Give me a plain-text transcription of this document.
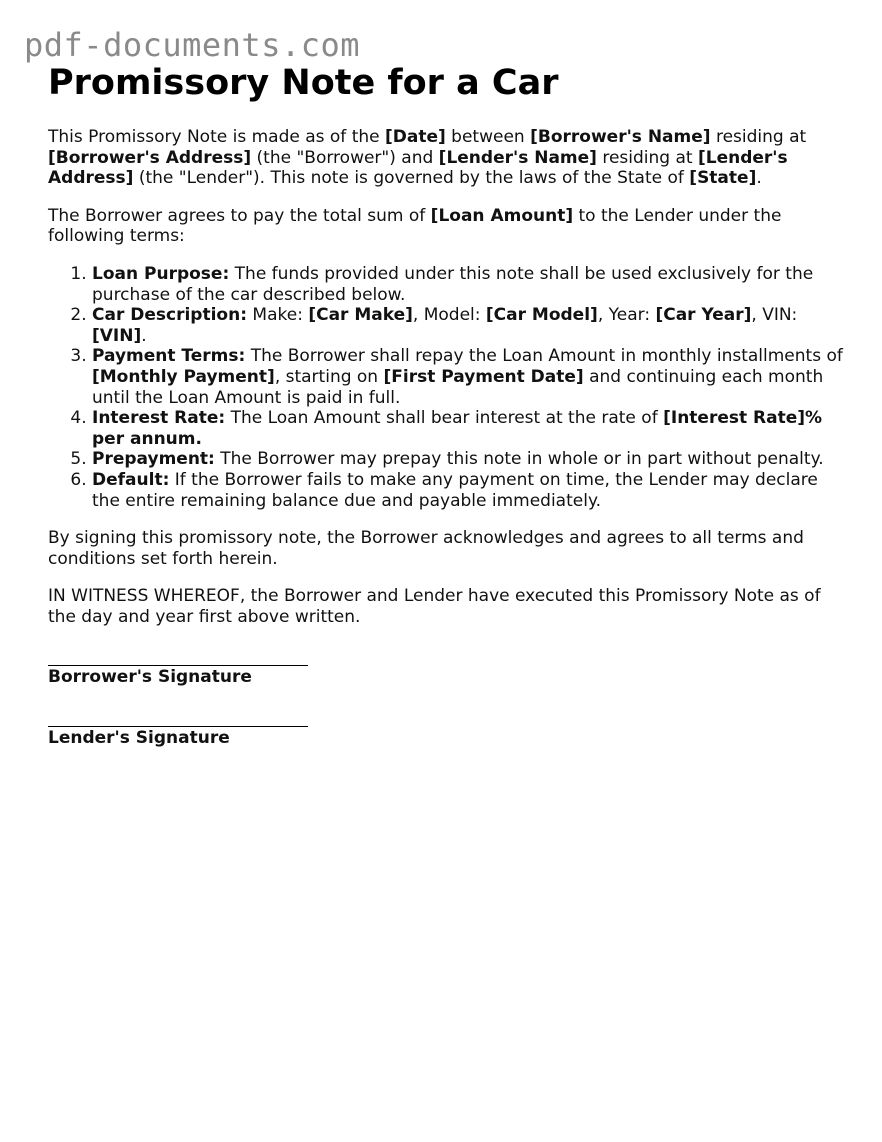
pdf-documents.com
Promissory Note for a Car

This Promissory Note is made as of the [Date] between [Borrower's Name] residing at [Borrower's Address] (the "Borrower") and [Lender's Name] residing at [Lender's Address] (the "Lender"). This note is governed by the laws of the State of [State].

The Borrower agrees to pay the total sum of [Loan Amount] to the Lender under the following terms:

1. Loan Purpose: The funds provided under this note shall be used exclusively for the purchase of the car described below.
2. Car Description: Make: [Car Make], Model: [Car Model], Year: [Car Year], VIN: [VIN].
3. Payment Terms: The Borrower shall repay the Loan Amount in monthly installments of [Monthly Payment], starting on [First Payment Date] and continuing each month until the Loan Amount is paid in full.
4. Interest Rate: The Loan Amount shall bear interest at the rate of [Interest Rate]% per annum.
5. Prepayment: The Borrower may prepay this note in whole or in part without penalty.
6. Default: If the Borrower fails to make any payment on time, the Lender may declare the entire remaining balance due and payable immediately.

By signing this promissory note, the Borrower acknowledges and agrees to all terms and conditions set forth herein.

IN WITNESS WHEREOF, the Borrower and Lender have executed this Promissory Note as of the day and year first above written.

Borrower's Signature
Lender's Signature
